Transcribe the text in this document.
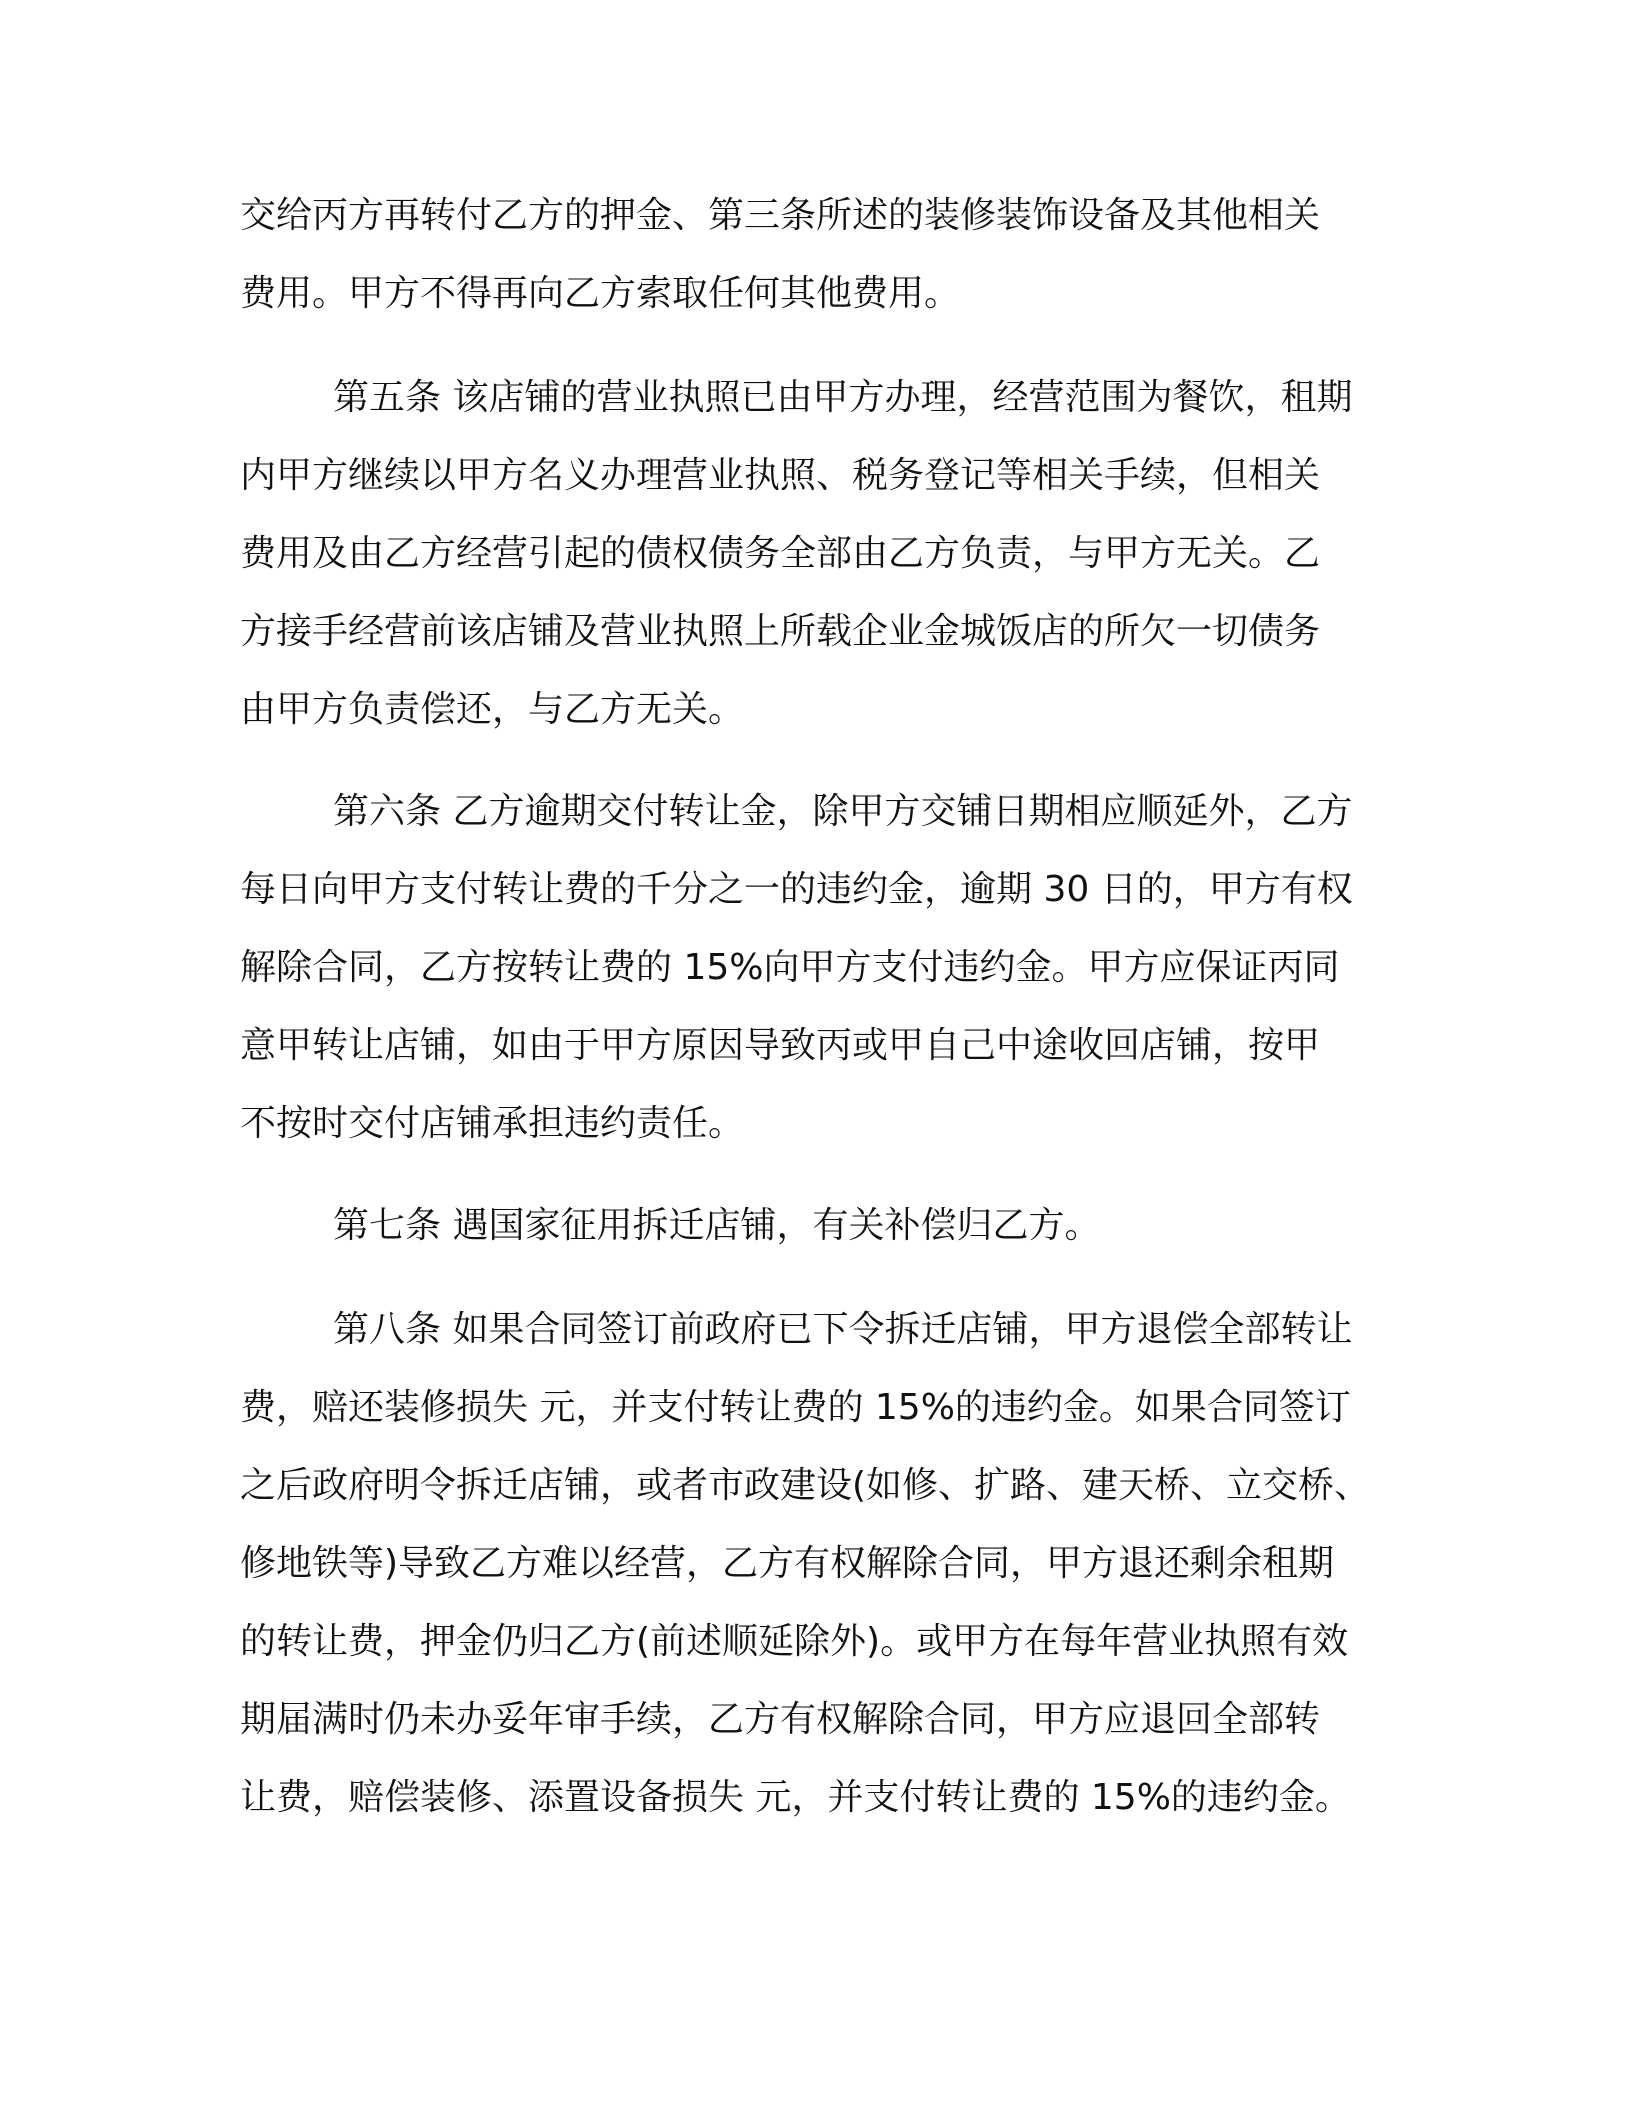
交给丙方再转付乙方的押金、第三条所述的装修装饰设备及其他相关
费用。甲方不得再向乙方索取任何其他费用。
第五条 该店铺的营业执照已由甲方办理，经营范围为餐饮，租期
内甲方继续以甲方名义办理营业执照、税务登记等相关手续，但相关
费用及由乙方经营引起的债权债务全部由乙方负责，与甲方无关。乙
方接手经营前该店铺及营业执照上所载企业金城饭店的所欠一切债务
由甲方负责偿还，与乙方无关。
第六条 乙方逾期交付转让金，除甲方交铺日期相应顺延外，乙方
每日向甲方支付转让费的千分之一的违约金，逾期 30 日的，甲方有权
解除合同，乙方按转让费的 15%向甲方支付违约金。甲方应保证丙同
意甲转让店铺，如由于甲方原因导致丙或甲自己中途收回店铺，按甲
不按时交付店铺承担违约责任。
第七条 遇国家征用拆迁店铺，有关补偿归乙方。
第八条 如果合同签订前政府已下令拆迁店铺，甲方退偿全部转让
费，赔还装修损失 元，并支付转让费的 15%的违约金。如果合同签订
之后政府明令拆迁店铺，或者市政建设(如修、扩路、建天桥、立交桥、
修地铁等)导致乙方难以经营，乙方有权解除合同，甲方退还剩余租期
的转让费，押金仍归乙方(前述顺延除外)。或甲方在每年营业执照有效
期届满时仍未办妥年审手续，乙方有权解除合同，甲方应退回全部转
让费，赔偿装修、添置设备损失 元，并支付转让费的 15%的违约金。
